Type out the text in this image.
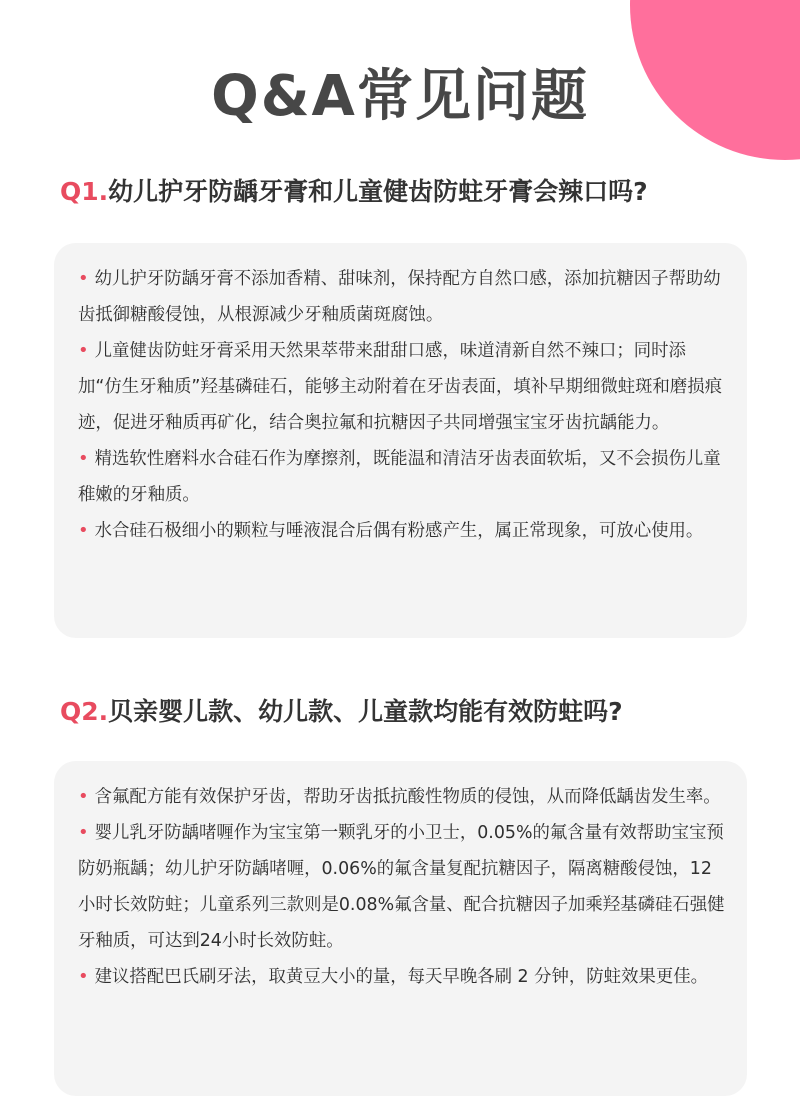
Q&A常见问题
Q1.幼儿护牙防龋牙膏和儿童健齿防蛀牙膏会辣口吗?
• 幼儿护牙防龋牙膏不添加香精、甜味剂，保持配方自然口感，添加抗糖因子帮助幼齿抵御糖酸侵蚀，从根源减少牙釉质菌斑腐蚀。
• 儿童健齿防蛀牙膏采用天然果萃带来甜甜口感，味道清新自然不辣口；同时添加“仿生牙釉质”羟基磷硅石，能够主动附着在牙齿表面，填补早期细微蛀斑和磨损痕迹，促进牙釉质再矿化，结合奥拉氟和抗糖因子共同增强宝宝牙齿抗龋能力。
• 精选软性磨料水合硅石作为摩擦剂，既能温和清洁牙齿表面软垢，又不会损伤儿童稚嫩的牙釉质。
• 水合硅石极细小的颗粒与唾液混合后偶有粉感产生，属正常现象，可放心使用。
Q2.贝亲婴儿款、幼儿款、儿童款均能有效防蛀吗?
• 含氟配方能有效保护牙齿，帮助牙齿抵抗酸性物质的侵蚀，从而降低龋齿发生率。
• 婴儿乳牙防龋啫喱作为宝宝第一颗乳牙的小卫士，0.05%的氟含量有效帮助宝宝预防奶瓶龋；幼儿护牙防龋啫喱，0.06%的氟含量复配抗糖因子，隔离糖酸侵蚀，12小时长效防蛀；儿童系列三款则是0.08%氟含量、配合抗糖因子加乘羟基磷硅石强健牙釉质，可达到24小时长效防蛀。
• 建议搭配巴氏刷牙法，取黄豆大小的量，每天早晚各刷 2 分钟，防蛀效果更佳。
